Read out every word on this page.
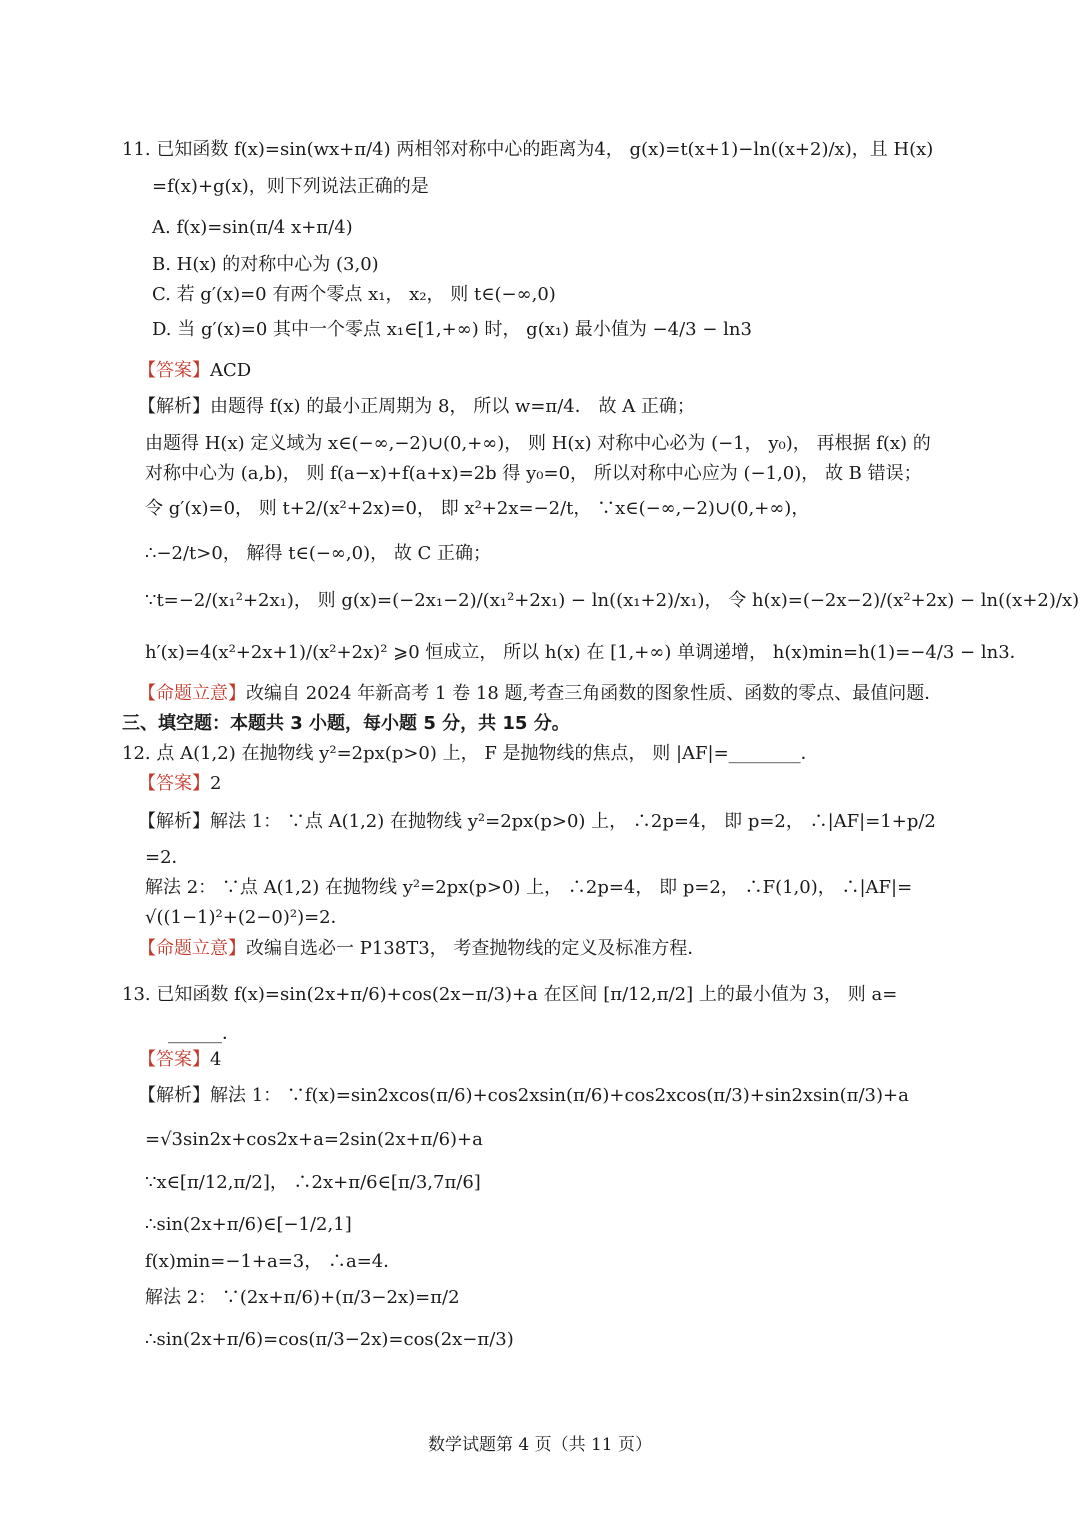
11. 已知函数 f(x)=sin(wx+π/4) 两相邻对称中心的距离为4， g(x)=t(x+1)−ln((x+2)/x)，且 H(x)
=f(x)+g(x)，则下列说法正确的是
A. f(x)=sin(π/4 x+π/4)
B. H(x) 的对称中心为 (3,0)
C. 若 g′(x)=0 有两个零点 x₁， x₂， 则 t∈(−∞,0)
D. 当 g′(x)=0 其中一个零点 x₁∈[1,+∞) 时， g(x₁) 最小值为 −4/3 − ln3
【答案】ACD
【解析】由题得 f(x) 的最小正周期为 8， 所以 w=π/4． 故 A 正确；
由题得 H(x) 定义域为 x∈(−∞,−2)∪(0,+∞)， 则 H(x) 对称中心必为 (−1， y₀)， 再根据 f(x) 的
对称中心为 (a,b)， 则 f(a−x)+f(a+x)=2b 得 y₀=0， 所以对称中心应为 (−1,0)， 故 B 错误；
令 g′(x)=0， 则 t+2/(x²+2x)=0， 即 x²+2x=−2/t， ∵x∈(−∞,−2)∪(0,+∞)，
∴−2/t>0， 解得 t∈(−∞,0)， 故 C 正确；
∵t=−2/(x₁²+2x₁)， 则 g(x)=(−2x₁−2)/(x₁²+2x₁) − ln((x₁+2)/x₁)， 令 h(x)=(−2x−2)/(x²+2x) − ln((x+2)/x)
h′(x)=4(x²+2x+1)/(x²+2x)² ⩾0 恒成立， 所以 h(x) 在 [1,+∞) 单调递增， h(x)min=h(1)=−4/3 − ln3．
【命题立意】改编自 2024 年新高考 1 卷 18 题,考查三角函数的图象性质、函数的零点、最值问题．
三、填空题：本题共 3 小题，每小题 5 分，共 15 分。
12. 点 A(1,2) 在抛物线 y²=2px(p>0) 上， F 是抛物线的焦点， 则 |AF|=________．
【答案】2
【解析】解法 1： ∵点 A(1,2) 在抛物线 y²=2px(p>0) 上， ∴2p=4， 即 p=2， ∴|AF|=1+p/2
=2．
解法 2： ∵点 A(1,2) 在抛物线 y²=2px(p>0) 上， ∴2p=4， 即 p=2， ∴F(1,0)， ∴|AF|=
√((1−1)²+(2−0)²)=2．
【命题立意】改编自选必一 P138T3， 考查抛物线的定义及标准方程．
13. 已知函数 f(x)=sin(2x+π/6)+cos(2x−π/3)+a 在区间 [π/12,π/2] 上的最小值为 3， 则 a=
______．
【答案】4
【解析】解法 1： ∵f(x)=sin2xcos(π/6)+cos2xsin(π/6)+cos2xcos(π/3)+sin2xsin(π/3)+a
=√3sin2x+cos2x+a=2sin(2x+π/6)+a
∵x∈[π/12,π/2]， ∴2x+π/6∈[π/3,7π/6]
∴sin(2x+π/6)∈[−1/2,1]
f(x)min=−1+a=3， ∴a=4．
解法 2： ∵(2x+π/6)+(π/3−2x)=π/2
∴sin(2x+π/6)=cos(π/3−2x)=cos(2x−π/3)
数学试题第 4 页（共 11 页）
